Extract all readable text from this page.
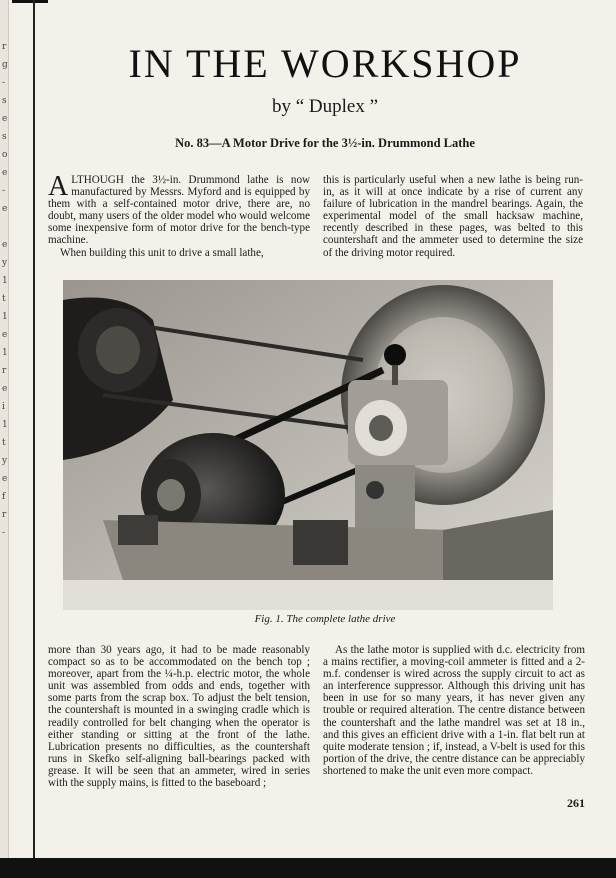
r
g
-
s
e
s
o
e
-
e
e
y
1
t
1
e
1
r
e
i
1
t
y
e
f
r
-
IN THE WORKSHOP
by “ Duplex ”
No. 83—A Motor Drive for the 3½-in. Drummond Lathe

ALTHOUGH the 3½-in. Drummond lathe is now manufactured by Messrs. Myford and is equipped by them with a self-contained motor drive, there are, no doubt, many users of the older model who would welcome some inexpensive form of motor drive for the bench-type machine.

When building this unit to drive a small lathe,

this is particularly useful when a new lathe is being run-in, as it will at once indicate by a rise of current any failure of lubrication in the mandrel bearings. Again, the experimental model of the small hacksaw machine, recently described in these pages, was belted to this countershaft and the ammeter used to determine the size of the driving motor required.

Fig. 1. The complete lathe drive

more than 30 years ago, it had to be made reasonably compact so as to be accommodated on the bench top ; moreover, apart from the ¼-h.p. electric motor, the whole unit was assembled from odds and ends, together with some parts from the scrap box. To adjust the belt tension, the countershaft is mounted in a swinging cradle which is readily controlled for belt changing when the operator is either standing or sitting at the front of the lathe. Lubrication presents no difficulties, as the countershaft runs in Skefko self-aligning ball-bearings packed with grease. It will be seen that an ammeter, wired in series with the supply mains, is fitted to the baseboard ;

As the lathe motor is supplied with d.c. electricity from a mains rectifier, a moving-coil ammeter is fitted and a 2-m.f. condenser is wired across the supply circuit to act as an interference suppressor. Although this driving unit has been in use for so many years, it has never given any trouble or required alteration. The centre distance between the countershaft and the lathe mandrel was set at 18 in., and this gives an efficient drive with a 1-in. flat belt run at quite moderate tension ; if, instead, a V-belt is used for this portion of the drive, the centre distance can be appreciably shortened to make the unit even more compact.

261
